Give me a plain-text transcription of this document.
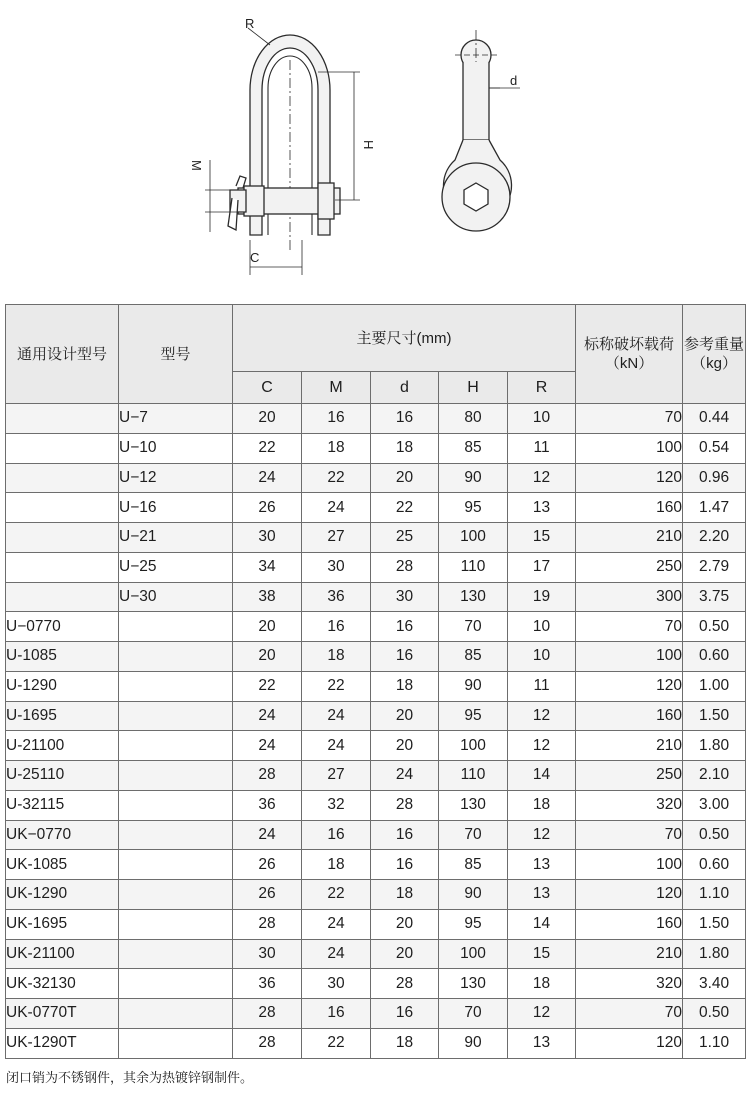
R
H
M
C
d
通用设计型号	型号	主要尺寸(mm)					标称破坏载荷（kN）	参考重量（kg）

		C	M	d	H	R		
	U−7	20	16	16	80	10	70	0.44
	U−10	22	18	18	85	11	100	0.54
	U−12	24	22	20	90	12	120	0.96
	U−16	26	24	22	95	13	160	1.47
	U−21	30	27	25	100	15	210	2.20
	U−25	34	30	28	110	17	250	2.79
	U−30	38	36	30	130	19	300	3.75
U−0770		20	16	16	70	10	70	0.50
U-1085		20	18	16	85	10	100	0.60
U-1290		22	22	18	90	11	120	1.00
U-1695		24	24	20	95	12	160	1.50
U-21100		24	24	20	100	12	210	1.80
U-25110		28	27	24	110	14	250	2.10
U-32115		36	32	28	130	18	320	3.00
UK−0770		24	16	16	70	12	70	0.50
UK-1085		26	18	16	85	13	100	0.60
UK-1290		26	22	18	90	13	120	1.10
UK-1695		28	24	20	95	14	160	1.50
UK-21100		30	24	20	100	15	210	1.80
UK-32130		36	30	28	130	18	320	3.40
UK-0770T		28	16	16	70	12	70	0.50
UK-1290T		28	22	18	90	13	120	1.10
闭口销为不锈钢件，其余为热镀锌钢制件。
